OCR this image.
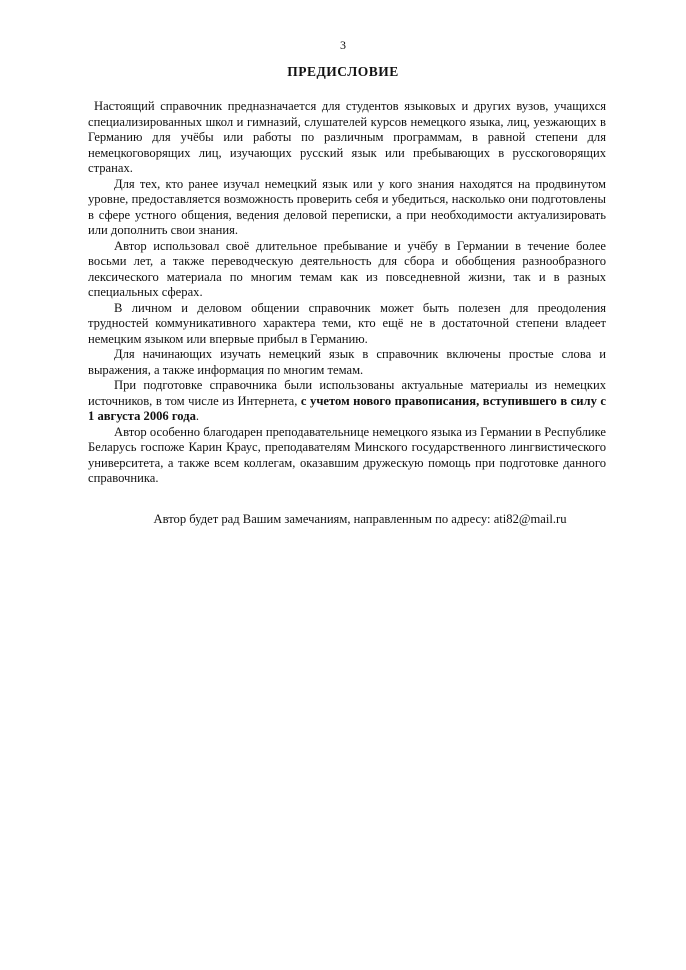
3
ПРЕДИСЛОВИЕ

Настоящий справочник предназначается для студентов языковых и других вузов, учащихся специализированных школ и гимназий, слушателей курсов немецкого языка, лиц, уезжающих в Германию для учёбы или работы по различным программам, в равной степени для немецкоговорящих лиц, изучающих русский язык или пребывающих в русскоговорящих странах.

Для тех, кто ранее изучал немецкий язык или у кого знания находятся на продвинутом уровне, предоставляется возможность проверить себя и убедиться, насколько они подготовлены в сфере устного общения, ведения деловой переписки, а при необходимости актуализировать или дополнить свои знания.

Автор использовал своё длительное пребывание и учёбу в Германии в течение более восьми лет, а также переводческую деятельность для сбора и обобщения разнообразного лексического материала по многим темам как из повседневной жизни, так и в разных специальных сферах.

В личном и деловом общении справочник может быть полезен для преодоления трудностей коммуникативного характера теми, кто ещё не в достаточной степени владеет немецким языком или впервые прибыл в Германию.

Для начинающих изучать немецкий язык в справочник включены простые слова и выражения, а также информация по многим темам.

При подготовке справочника были использованы актуальные материалы из немецких источников, в том числе из Интернета, с учетом нового правописания, вступившего в силу с 1 августа 2006 года.

Автор особенно благодарен преподавательнице немецкого языка из Германии в Республике Беларусь госпоже Карин Краус, преподавателям Минского государственного лингвистического университета, а также всем коллегам, оказавшим дружескую помощь при подготовке данного справочника.

Автор будет рад Вашим замечаниям, направленным по адресу: ati82@mail.ru
